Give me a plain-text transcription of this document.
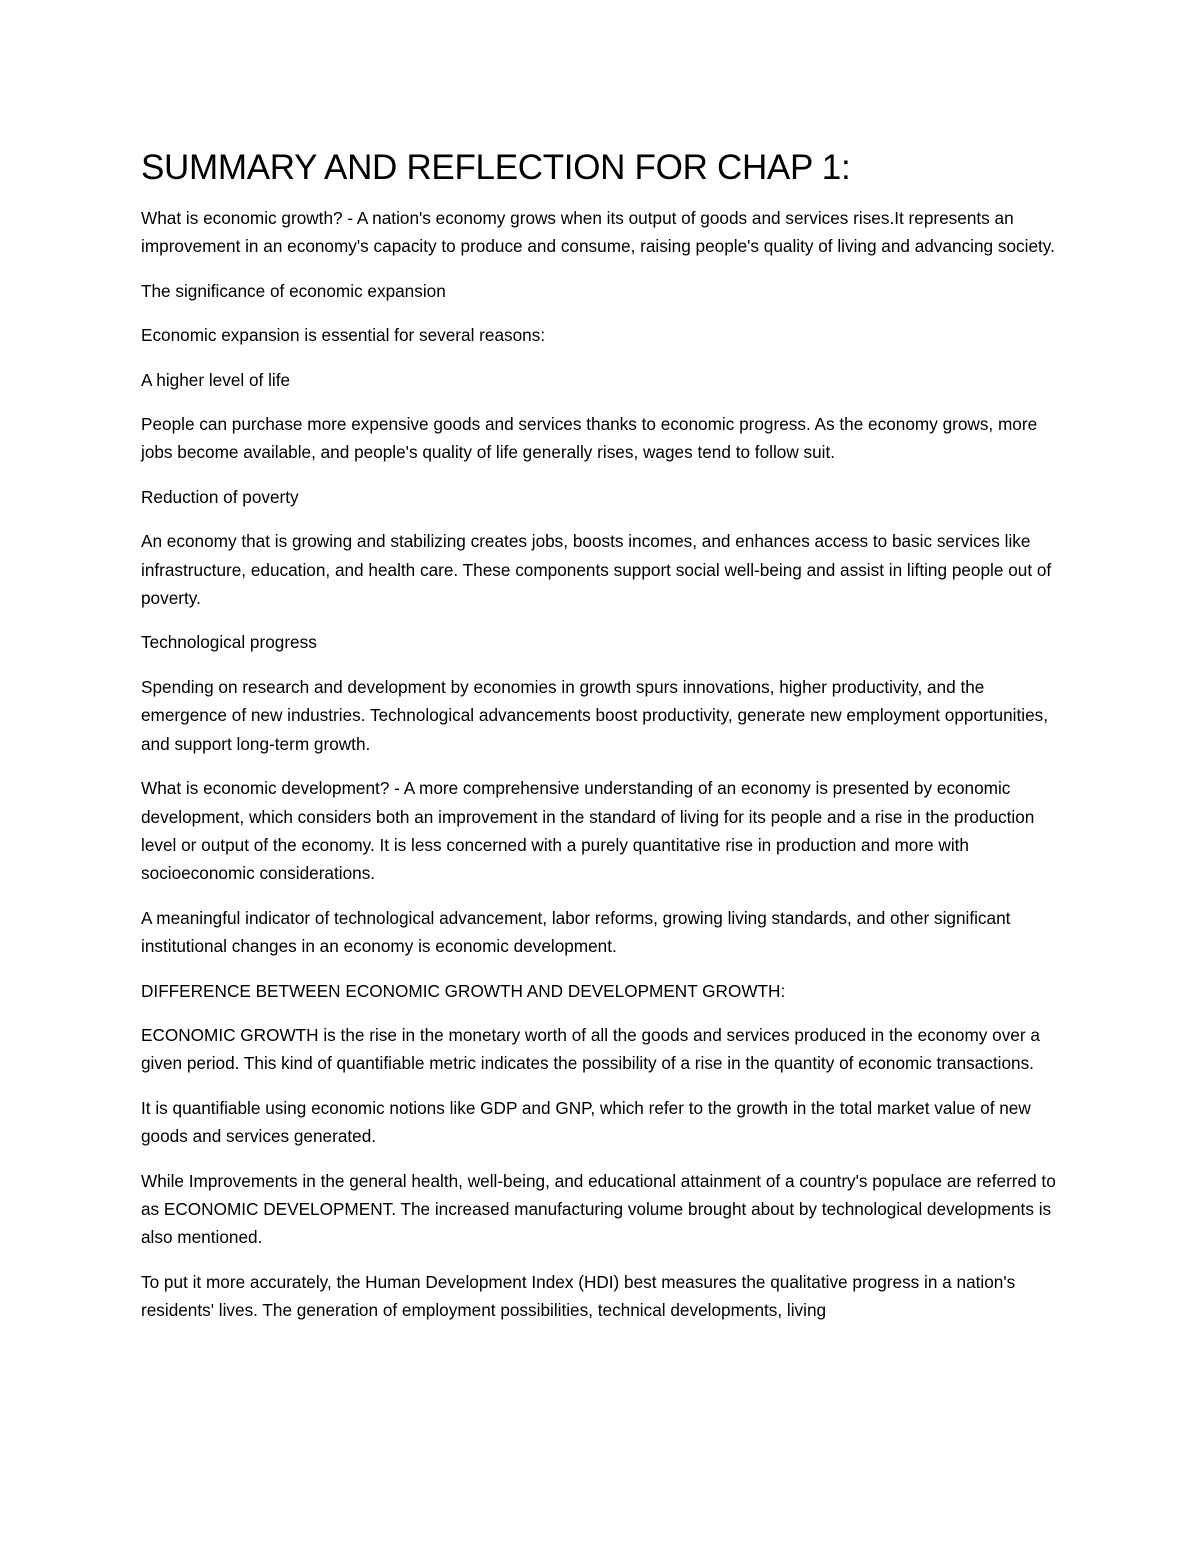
SUMMARY AND REFLECTION FOR CHAP 1:

What is economic growth? - A nation's economy grows when its output of goods and services rises.It represents an improvement in an economy's capacity to produce and consume, raising people's quality of living and advancing society.

The significance of economic expansion

Economic expansion is essential for several reasons:

A higher level of life

People can purchase more expensive goods and services thanks to economic progress. As the economy grows, more jobs become available, and people's quality of life generally rises, wages tend to follow suit.

Reduction of poverty

An economy that is growing and stabilizing creates jobs, boosts incomes, and enhances access to basic services like infrastructure, education, and health care. These components support social well-being and assist in lifting people out of poverty.

Technological progress

Spending on research and development by economies in growth spurs innovations, higher productivity, and the emergence of new industries. Technological advancements boost productivity, generate new employment opportunities, and support long-term growth.

What is economic development? - A more comprehensive understanding of an economy is presented by economic development, which considers both an improvement in the standard of living for its people and a rise in the production level or output of the economy. It is less concerned with a purely quantitative rise in production and more with socioeconomic considerations.

A meaningful indicator of technological advancement, labor reforms, growing living standards, and other significant institutional changes in an economy is economic development.

DIFFERENCE BETWEEN ECONOMIC GROWTH AND DEVELOPMENT GROWTH:

ECONOMIC GROWTH is the rise in the monetary worth of all the goods and services produced in the economy over a given period. This kind of quantifiable metric indicates the possibility of a rise in the quantity of economic transactions.

It is quantifiable using economic notions like GDP and GNP, which refer to the growth in the total market value of new goods and services generated.

While Improvements in the general health, well-being, and educational attainment of a country's populace are referred to as ECONOMIC DEVELOPMENT. The increased manufacturing volume brought about by technological developments is also mentioned.

To put it more accurately, the Human Development Index (HDI) best measures the qualitative progress in a nation's residents' lives. The generation of employment possibilities, technical developments, living
